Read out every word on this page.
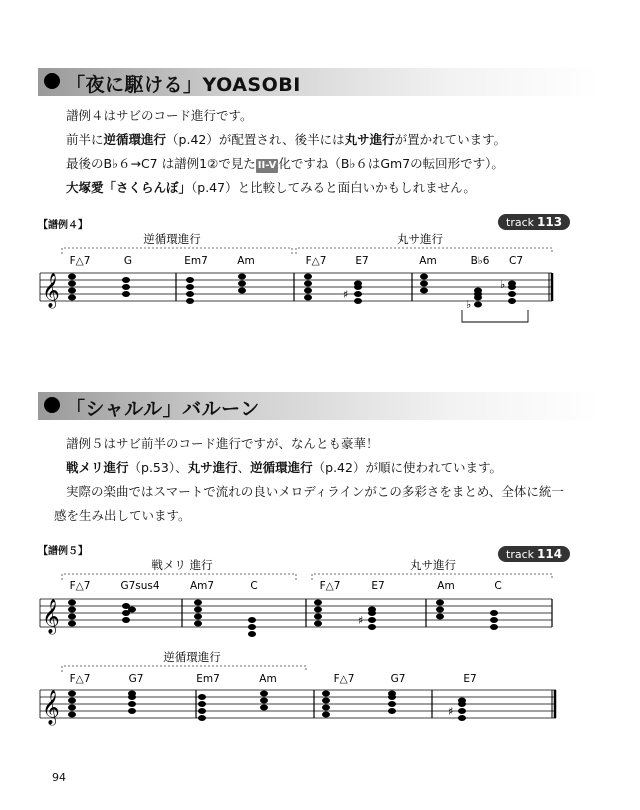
「夜に駆ける」YOASOBI

譜例４はサビのコード進行です。

前半に逆循環進行（p.42）が配置され、後半には丸サ進行が置かれています。

最後のB♭６→C7 は譜例1②で見た II-V 化ですね（B♭６はGm7の転回形です）。

大塚愛「さくらんぼ」（p.47）と比較してみると面白いかもしれません。

【譜例４】	track 113
「シャルル」バルーン

譜例５はサビ前半のコード進行ですが、なんとも豪華！

戦メリ進行（p.53）、丸サ進行、逆循環進行（p.42）が順に使われています。

実際の楽曲ではスマートで流れの良いメロディラインがこの多彩さをまとめ、全体に統一

感を生み出しています。

【譜例５】	track 114
94
逆循環進行	丸サ進行
F△7	G	Em7	Am	F△7	E7	Am	B♭6 C7
𝄞	♯
♭
♭
戦メリ 進行	丸サ進行
F△7	G7sus4	Am7	C	F△7	E7	Am	C
𝄞	♯
逆循環進行
F△7	G7	Em7	Am	F△7	G7	E7
𝄞	♯
